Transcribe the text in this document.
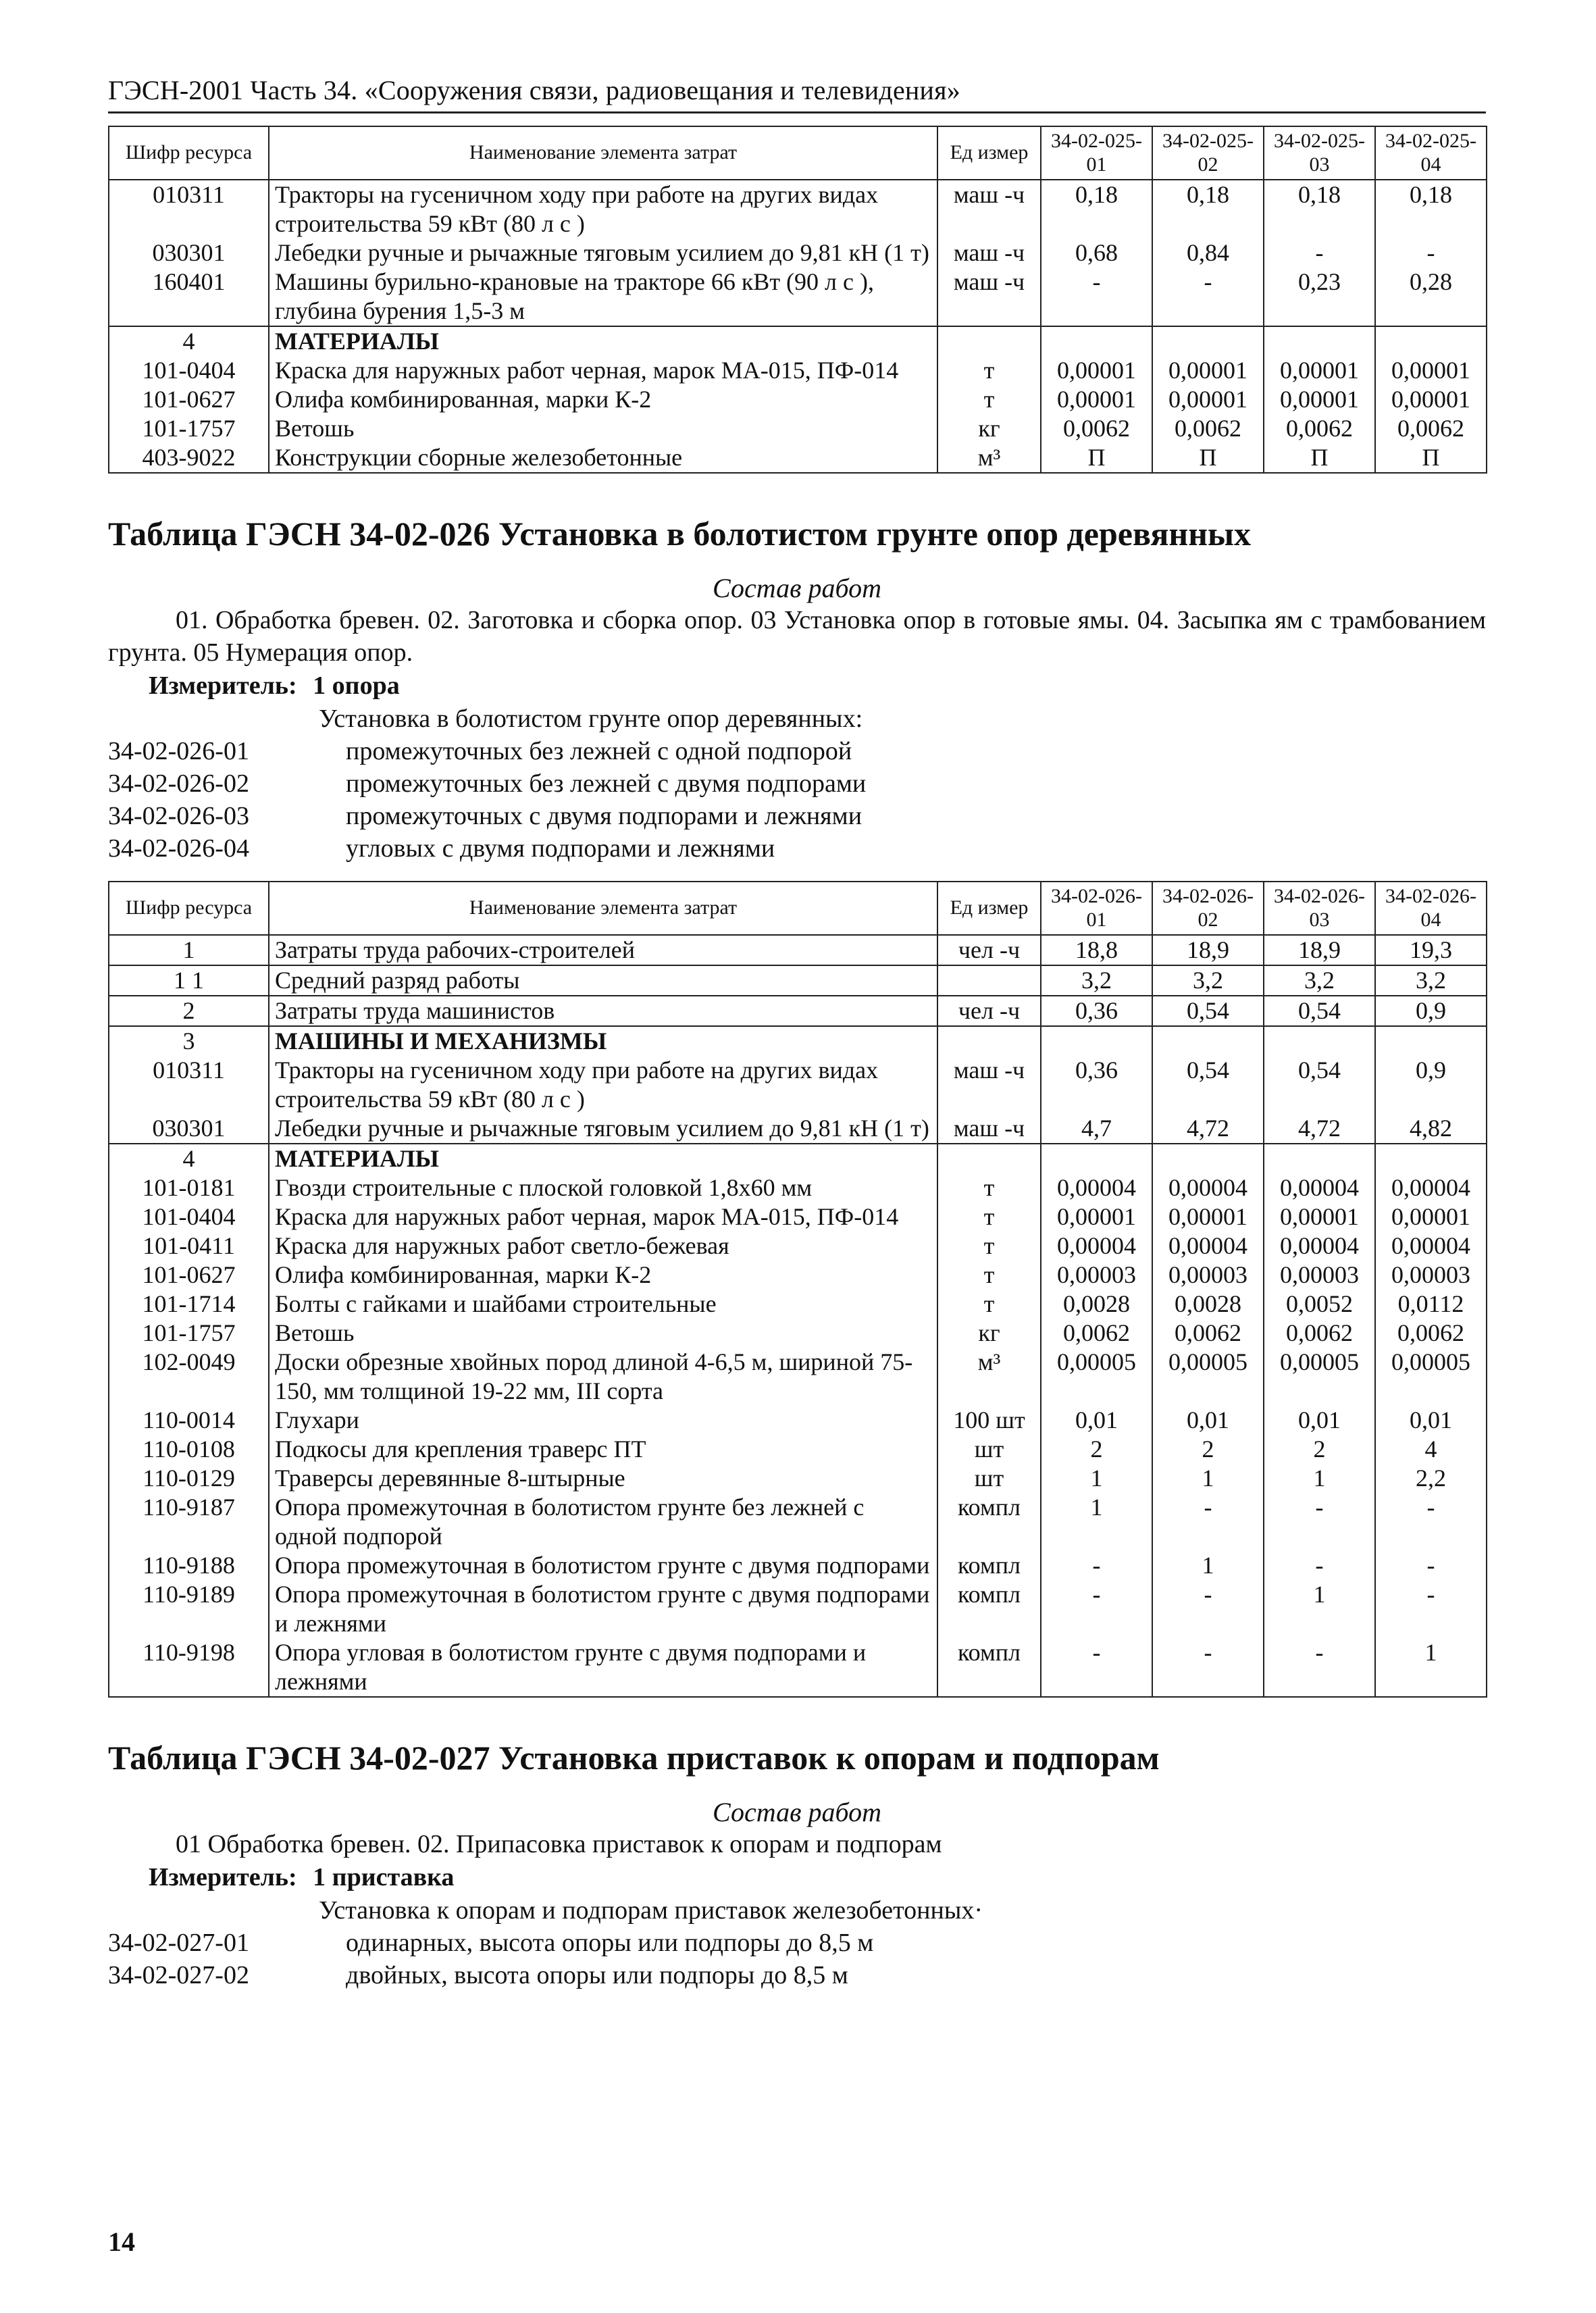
ГЭСН-2001 Часть 34. «Сооружения связи, радиовещания и телевидения»
Шифр ресурса	Наименование элемента затрат	Ед измер	34-02-025-01	34-02-025-02	34-02-025-03	34-02-025-04
010311	Тракторы на гусеничном ходу при работе на других видах строительства 59 кВт (80 л с )	маш -ч	0,18	0,18	0,18	0,18
030301	Лебедки ручные и рычажные тяговым усилием до 9,81 кН (1 т)	маш -ч	0,68	0,84	-	-
160401	Машины бурильно-крановые на тракторе 66 кВт (90 л с ), глубина бурения 1,5-3 м	маш -ч	-	-	0,23	0,28
4	МАТЕРИАЛЫ					
101-0404	Краска для наружных работ черная, марок МА-015, ПФ-014	т	0,00001	0,00001	0,00001	0,00001
101-0627	Олифа комбинированная, марки К-2	т	0,00001	0,00001	0,00001	0,00001
101-1757	Ветошь	кг	0,0062	0,0062	0,0062	0,0062
403-9022	Конструкции сборные железобетонные	м³	П	П	П	П
Таблица ГЭСН 34-02-026 Установка в болотистом грунте опор деревянных
Состав работ
01. Обработка бревен. 02. Заготовка и сборка опор. 03 Установка опор в готовые ямы. 04. Засыпка ям с трамбованием грунта. 05 Нумерация опор.
Измеритель: 1 опора
Установка в болотистом грунте опор деревянных:
34-02-026-01	промежуточных без лежней с одной подпорой
34-02-026-02	промежуточных без лежней с двумя подпорами
34-02-026-03	промежуточных с двумя подпорами и лежнями
34-02-026-04	угловых с двумя подпорами и лежнями
Шифр ресурса	Наименование элемента затрат	Ед измер	34-02-026-01	34-02-026-02	34-02-026-03	34-02-026-04
1	Затраты труда рабочих-строителей	чел -ч	18,8	18,9	18,9	19,3
1 1	Средний разряд работы		3,2	3,2	3,2	3,2
2	Затраты труда машинистов	чел -ч	0,36	0,54	0,54	0,9
3	МАШИНЫ И МЕХАНИЗМЫ					
010311	Тракторы на гусеничном ходу при работе на других видах строительства 59 кВт (80 л с )	маш -ч	0,36	0,54	0,54	0,9
030301	Лебедки ручные и рычажные тяговым усилием до 9,81 кН (1 т)	маш -ч	4,7	4,72	4,72	4,82
4	МАТЕРИАЛЫ					
101-0181	Гвозди строительные с плоской головкой 1,8х60 мм	т	0,00004	0,00004	0,00004	0,00004
101-0404	Краска для наружных работ черная, марок МА-015, ПФ-014	т	0,00001	0,00001	0,00001	0,00001
101-0411	Краска для наружных работ светло-бежевая	т	0,00004	0,00004	0,00004	0,00004
101-0627	Олифа комбинированная, марки К-2	т	0,00003	0,00003	0,00003	0,00003
101-1714	Болты с гайками и шайбами строительные	т	0,0028	0,0028	0,0052	0,0112
101-1757	Ветошь	кг	0,0062	0,0062	0,0062	0,0062
102-0049	Доски обрезные хвойных пород длиной 4-6,5 м, шириной 75-150, мм толщиной 19-22 мм, III сорта	м³	0,00005	0,00005	0,00005	0,00005
110-0014	Глухари	100 шт	0,01	0,01	0,01	0,01
110-0108	Подкосы для крепления траверс ПТ	шт	2	2	2	4
110-0129	Траверсы деревянные 8-штырные	шт	1	1	1	2,2
110-9187	Опора промежуточная в болотистом грунте без лежней с одной подпорой	компл	1	-	-	-
110-9188	Опора промежуточная в болотистом грунте с двумя подпорами	компл	-	1	-	-
110-9189	Опора промежуточная в болотистом грунте с двумя подпорами и лежнями	компл	-	-	1	-
110-9198	Опора угловая в болотистом грунте с двумя подпорами и лежнями	компл	-	-	-	1
Таблица ГЭСН 34-02-027 Установка приставок к опорам и подпорам
Состав работ
01 Обработка бревен. 02. Припасовка приставок к опорам и подпорам
Измеритель: 1 приставка
Установка к опорам и подпорам приставок железобетонных·
34-02-027-01	одинарных, высота опоры или подпоры до 8,5 м
34-02-027-02	двойных, высота опоры или подпоры до 8,5 м
14
